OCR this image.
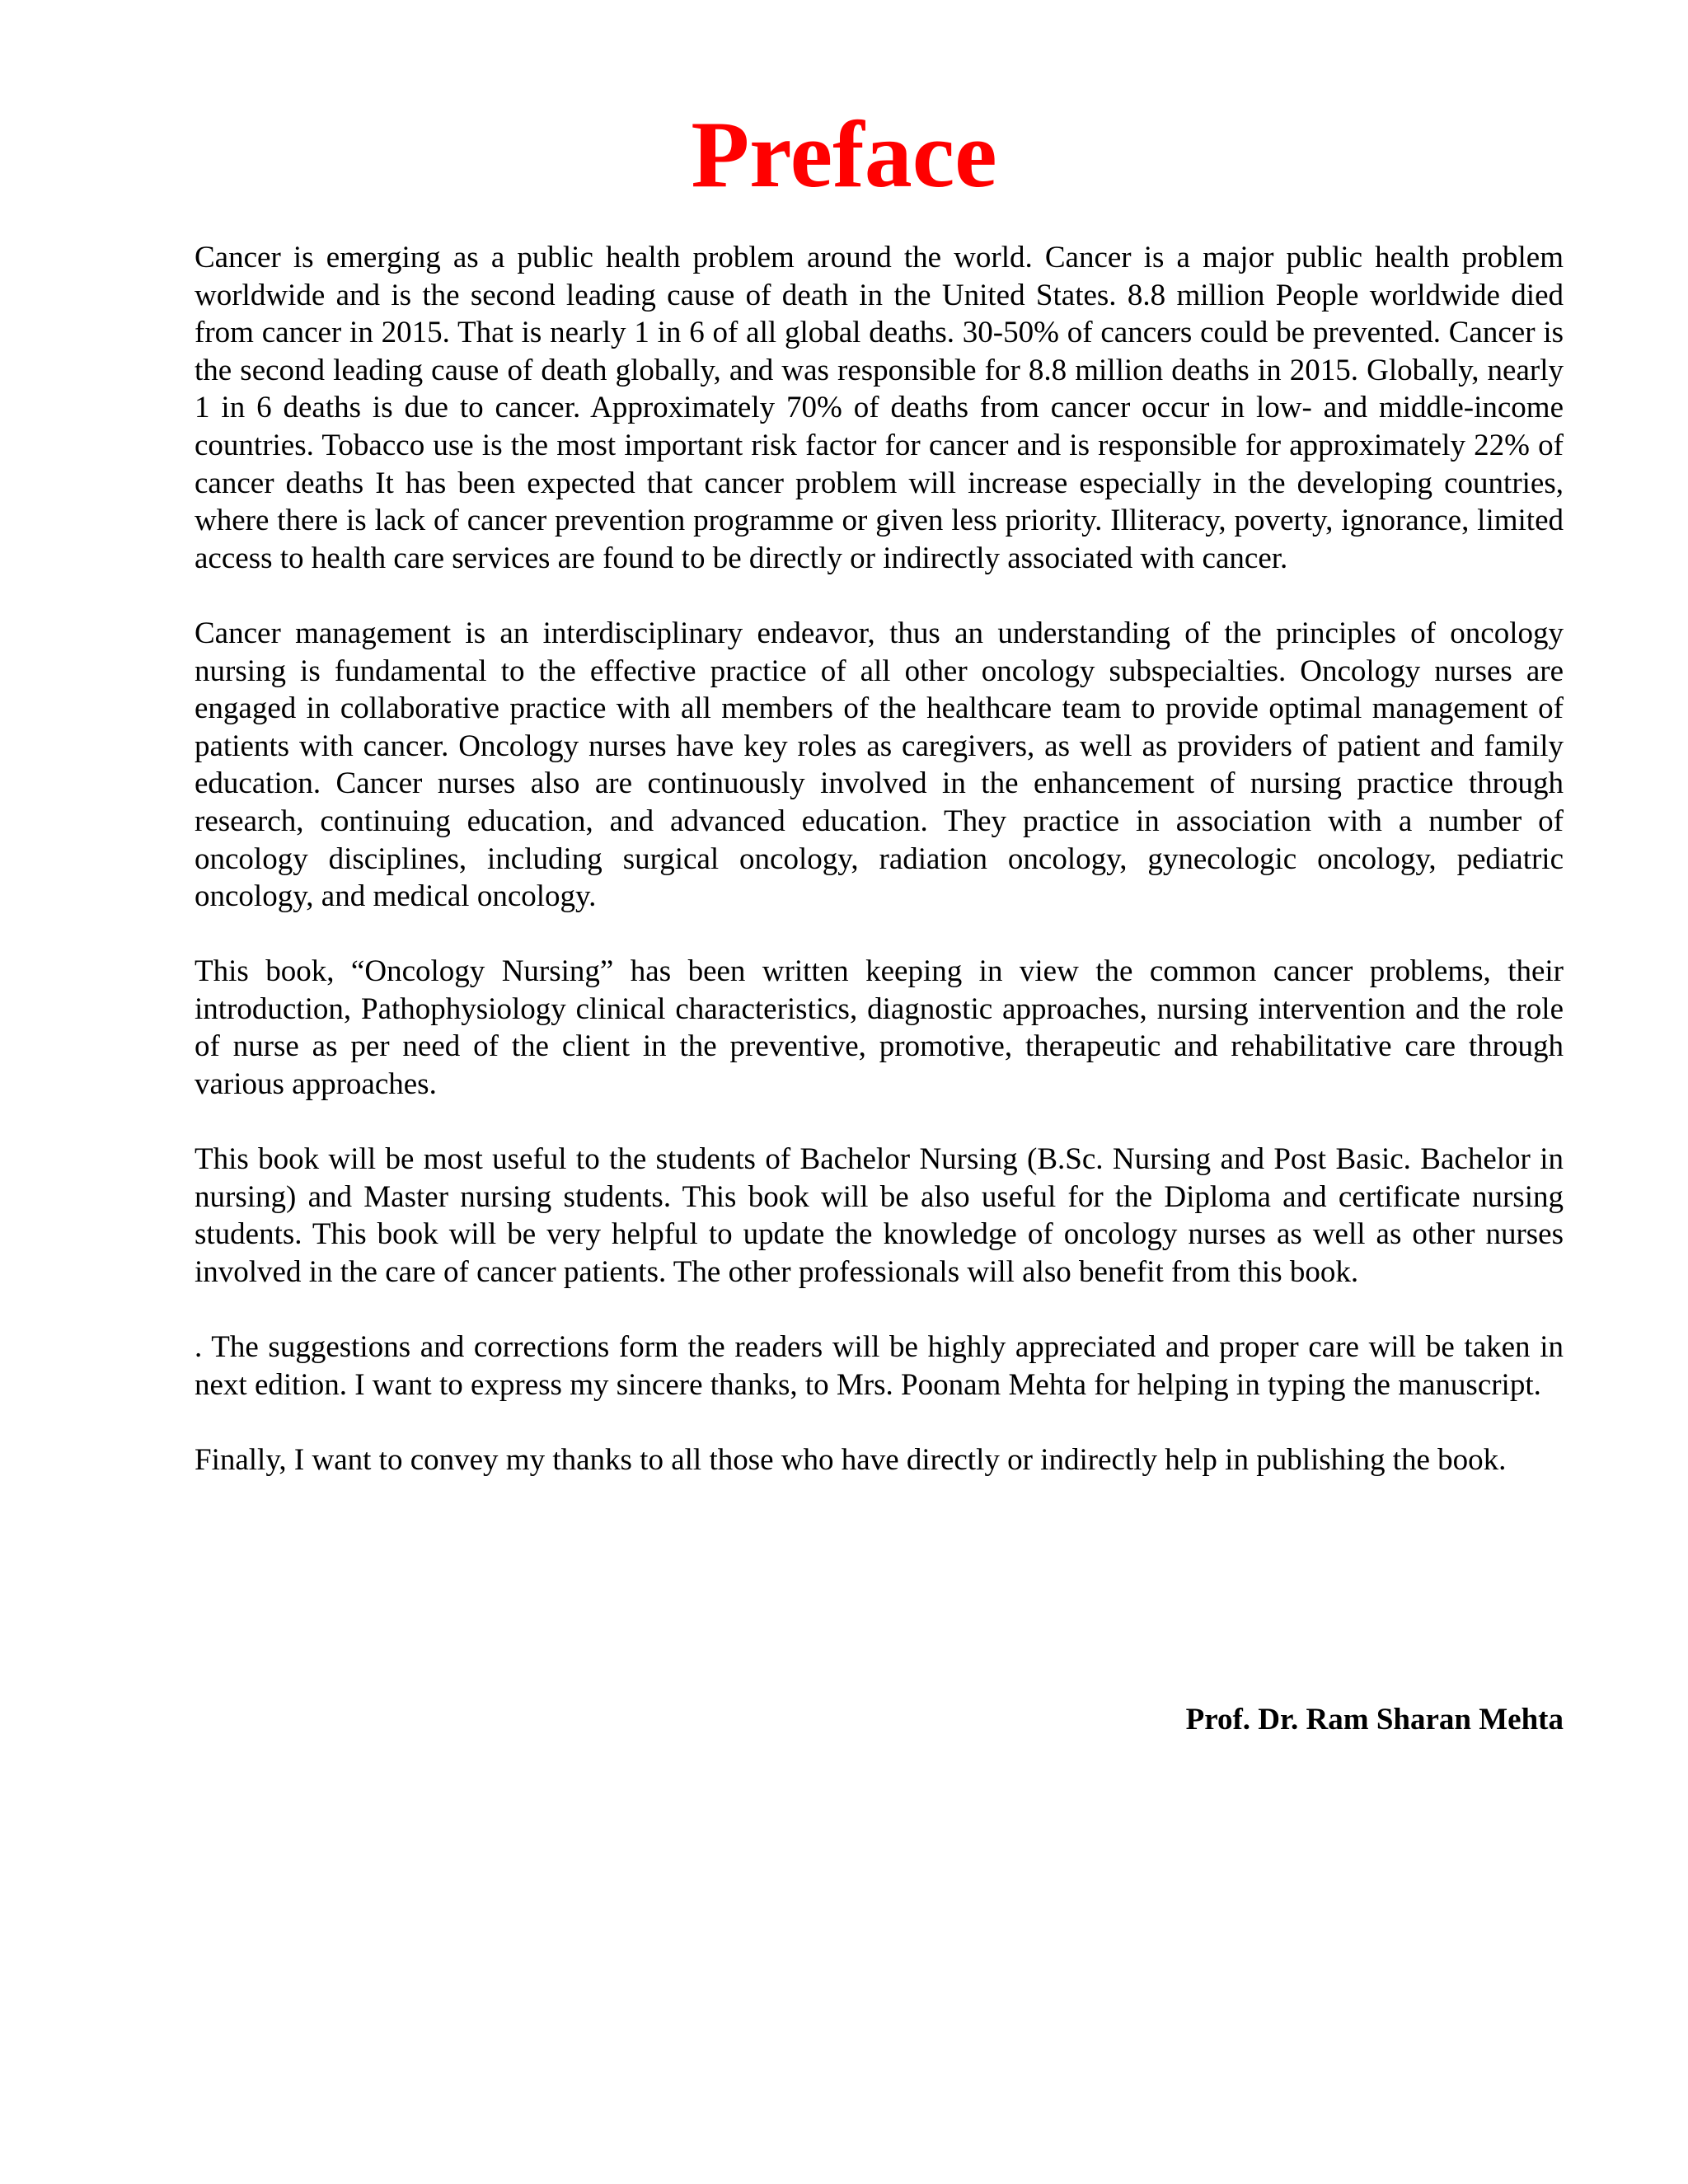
Preface

Cancer is emerging as a public health problem around the world. Cancer is a major public health problem worldwide and is the second leading cause of death in the United States. 8.8 million People worldwide died from cancer in 2015. That is nearly 1 in 6 of all global deaths. 30-50% of cancers could be prevented. Cancer is the second leading cause of death globally, and was responsible for 8.8 million deaths in 2015. Globally, nearly 1 in 6 deaths is due to cancer. Approximately 70% of deaths from cancer occur in low- and middle-income countries. Tobacco use is the most important risk factor for cancer and is responsible for approximately 22% of cancer deaths It has been expected that cancer problem will increase especially in the developing countries, where there is lack of cancer prevention programme or given less priority. Illiteracy, poverty, ignorance, limited access to health care services are found to be directly or indirectly associated with cancer.

Cancer management is an interdisciplinary endeavor, thus an understanding of the principles of oncology nursing is fundamental to the effective practice of all other oncology subspecialties. Oncology nurses are engaged in collaborative practice with all members of the healthcare team to provide optimal management of patients with cancer. Oncology nurses have key roles as caregivers, as well as providers of patient and family education. Cancer nurses also are continuously involved in the enhancement of nursing practice through research, continuing education, and advanced education. They practice in association with a number of oncology disciplines, including surgical oncology, radiation oncology, gynecologic oncology, pediatric oncology, and medical oncology.

This book, “Oncology Nursing” has been written keeping in view the common cancer problems, their introduction, Pathophysiology clinical characteristics, diagnostic approaches, nursing intervention and the role of nurse as per need of the client in the preventive, promotive, therapeutic and rehabilitative care through various approaches.

This book will be most useful to the students of Bachelor Nursing (B.Sc. Nursing and Post Basic. Bachelor in nursing) and Master nursing students. This book will be also useful for the Diploma and certificate nursing students. This book will be very helpful to update the knowledge of oncology nurses as well as other nurses involved in the care of cancer patients. The other professionals will also benefit from this book.

. The suggestions and corrections form the readers will be highly appreciated and proper care will be taken in next edition. I want to express my sincere thanks, to Mrs. Poonam Mehta for helping in typing the manuscript.

Finally, I want to convey my thanks to all those who have directly or indirectly help in publishing the book.

Prof. Dr. Ram Sharan Mehta
